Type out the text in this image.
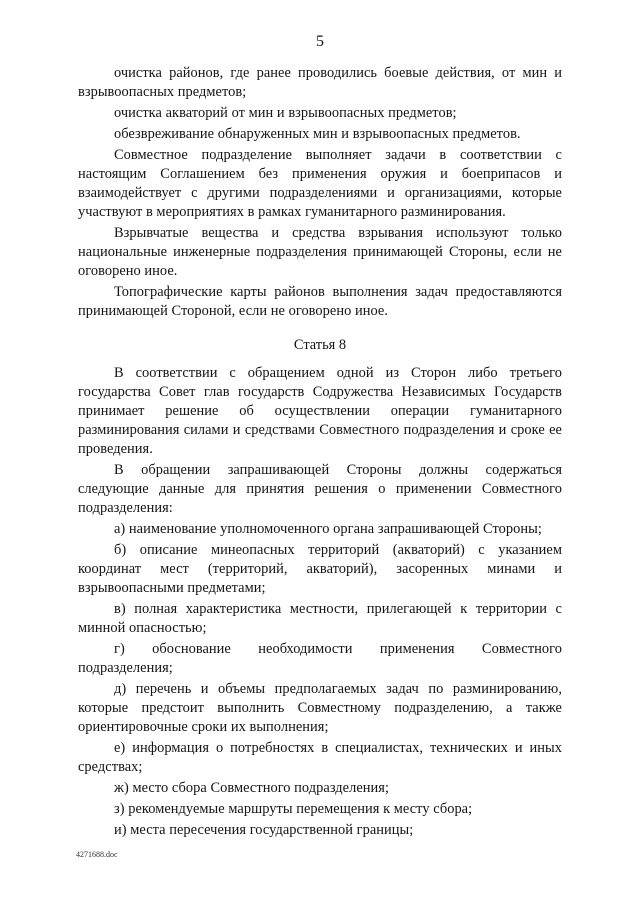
5

очистка районов, где ранее проводились боевые действия, от мин и взрывоопасных предметов;

очистка акваторий от мин и взрывоопасных предметов;

обезвреживание обнаруженных мин и взрывоопасных предметов.

Совместное подразделение выполняет задачи в соответствии с настоящим Соглашением без применения оружия и боеприпасов и взаимодействует с другими подразделениями и организациями, которые участвуют в мероприятиях в рамках гуманитарного разминирования.

Взрывчатые вещества и средства взрывания используют только национальные инженерные подразделения принимающей Стороны, если не оговорено иное.

Топографические карты районов выполнения задач предоставляются принимающей Стороной, если не оговорено иное.

Статья 8

В соответствии с обращением одной из Сторон либо третьего государства Совет глав государств Содружества Независимых Государств принимает решение об осуществлении операции гуманитарного разминирования силами и средствами Совместного подразделения и сроке ее проведения.

В обращении запрашивающей Стороны должны содержаться следующие данные для принятия решения о применении Совместного подразделения:

а) наименование уполномоченного органа запрашивающей Стороны;

б) описание минеопасных территорий (акваторий) с указанием координат мест (территорий, акваторий), засоренных минами и взрывоопасными предметами;

в) полная характеристика местности, прилегающей к территории с минной опасностью;

г) обоснование необходимости применения Совместного подразделения;

д) перечень и объемы предполагаемых задач по разминированию, которые предстоит выполнить Совместному подразделению, а также ориентировочные сроки их выполнения;

е) информация о потребностях в специалистах, технических и иных средствах;

ж) место сбора Совместного подразделения;

з) рекомендуемые маршруты перемещения к месту сбора;

и) места пересечения государственной границы;

4271688.doc
